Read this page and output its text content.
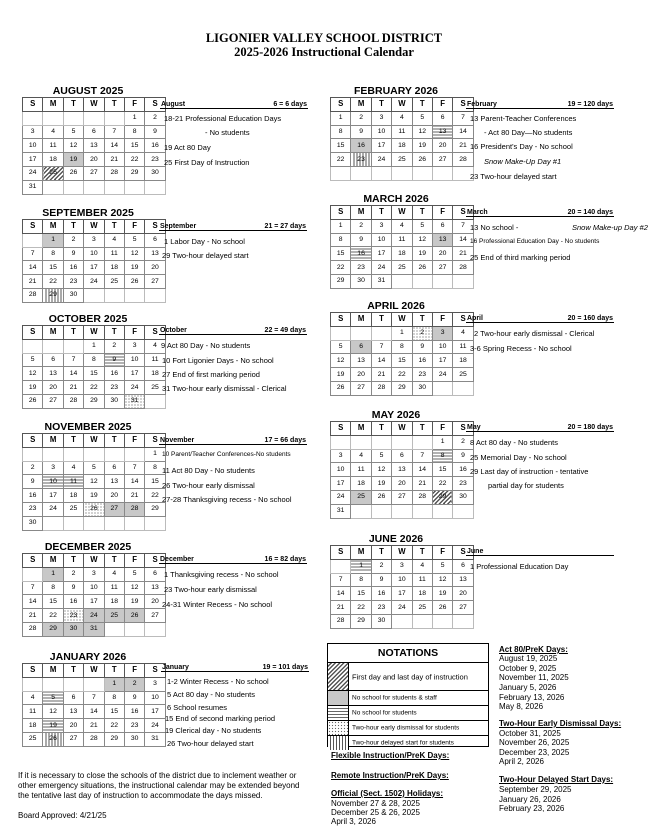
LIGONIER VALLEY SCHOOL DISTRICT
2025-2026 Instructional Calendar
AUGUST 2025
S	M	T	W	T	F	S
					1	2
3	4	5	6	7	8	9
10	11	12	13	14	15	16
17	18	19	20	21	22	23
24	25	26	27	28	29	30
31						
SEPTEMBER 2025
S	M	T	W	T	F	S
	1	2	3	4	5	6
7	8	9	10	11	12	13
14	15	16	17	18	19	20
21	22	23	24	25	26	27
28	29	30				
OCTOBER 2025
S	M	T	W	T	F	S
			1	2	3	4
5	6	7	8	9	10	11
12	13	14	15	16	17	18
19	20	21	22	23	24	25
26	27	28	29	30	31	
NOVEMBER 2025
S	M	T	W	T	F	S
						1
2	3	4	5	6	7	8
9	10	11	12	13	14	15
16	17	18	19	20	21	22
23	24	25	26	27	28	29
30						
DECEMBER 2025
S	M	T	W	T	F	S
	1	2	3	4	5	6
7	8	9	10	11	12	13
14	15	16	17	18	19	20
21	22	23	24	25	26	27
28	29	30	31			
JANUARY 2026
S	M	T	W	T	F	S
				1	2	3
4	5	6	7	8	9	10
11	12	13	14	15	16	17
18	19	20	21	22	23	24
25	26	27	28	29	30	31
FEBRUARY 2026
S	M	T	W	T	F	S
1	2	3	4	5	6	7
8	9	10	11	12	13	14
15	16	17	18	19	20	21
22	23	24	25	26	27	28

MARCH 2026
S	M	T	W	T	F	S
1	2	3	4	5	6	7
8	9	10	11	12	13	14
15	16	17	18	19	20	21
22	23	24	25	26	27	28
29	30	31				
APRIL 2026
S	M	T	W	T	F	S
			1	2	3	4
5	6	7	8	9	10	11
12	13	14	15	16	17	18
19	20	21	22	23	24	25
26	27	28	29	30		
MAY 2026
S	M	T	W	T	F	S
					1	2
3	4	5	6	7	8	9
10	11	12	13	14	15	16
17	18	19	20	21	22	23
24	25	26	27	28	29	30
31						
JUNE 2026
S	M	T	W	T	F	S
	1	2	3	4	5	6
7	8	9	10	11	12	13
14	15	16	17	18	19	20
21	22	23	24	25	26	27
28	29	30				
August	6 = 6 days
18-21 Professional Education Days
- No students
19 Act 80 Day
25 First Day of Instruction
September	21 = 27 days
1 Labor Day - No school
29 Two-hour delayed start
October	22 = 49 days
9 Act 80 Day - No students
10 Fort Ligonier Days - No school
27 End of first marking period
31 Two-hour early dismissal - Clerical
November	17 = 66 days
10 Parent/Teacher Conferences-No students
11 Act 80 Day - No students
26 Two-hour early dismissal
27-28 Thanksgiving recess - No school
December	16 = 82 days
1 Thanksgiving recess - No school
23 Two-hour early dismissal
24-31 Winter Recess - No school
January	19 = 101 days
1-2 Winter Recess - No school
5 Act 80 day - No students
6 School resumes
15 End of second marking period
19 Clerical day - No students
26 Two-hour delayed start
February	19 = 120 days
13 Parent-Teacher Conferences
- Act 80 Day—No students
16 President's Day - No school
Snow Make-Up Day #1
23 Two-hour delayed start
March	20 = 140 days
13 No school -	Snow Make-up Day #2
16 Professional Education Day - No students
25 End of third marking period
April	20 = 160 days
2 Two-hour early dismissal - Clerical
3-6 Spring Recess - No school
May	20 = 180 days
8 Act 80 day - No students
25 Memorial Day - No school
29 Last day of instruction - tentative
partial day for students
June
1 Professional Education Day
NOTATIONS
First day and last day of instruction
No school for students & staff
No school for students
Two-hour early dismissal for students
Two-hour delayed start for students
Flexible Instruction/PreK Days:
Remote Instruction/PreK Days:
Official (Sect. 1502) Holidays:
November 27 & 28, 2025
December 25 & 26, 2025
April 3, 2026
Act 80/PreK Days:
August 19, 2025
October 9, 2025
November 11, 2025
January 5, 2026
February 13, 2026
May 8, 2026
Two-Hour Early Dismissal Days:
October 31, 2025
November 26, 2025
December 23, 2025
April 2, 2026
Two-Hour Delayed Start Days:
September 29, 2025
January 26, 2026
February 23, 2026
If it is necessary to close the schools of the district due to inclement weather or other emergency situations, the instructional calendar may be extended beyond the tentative last day of instruction to accommodate the days missed.
Board Approved: 4/21/25
